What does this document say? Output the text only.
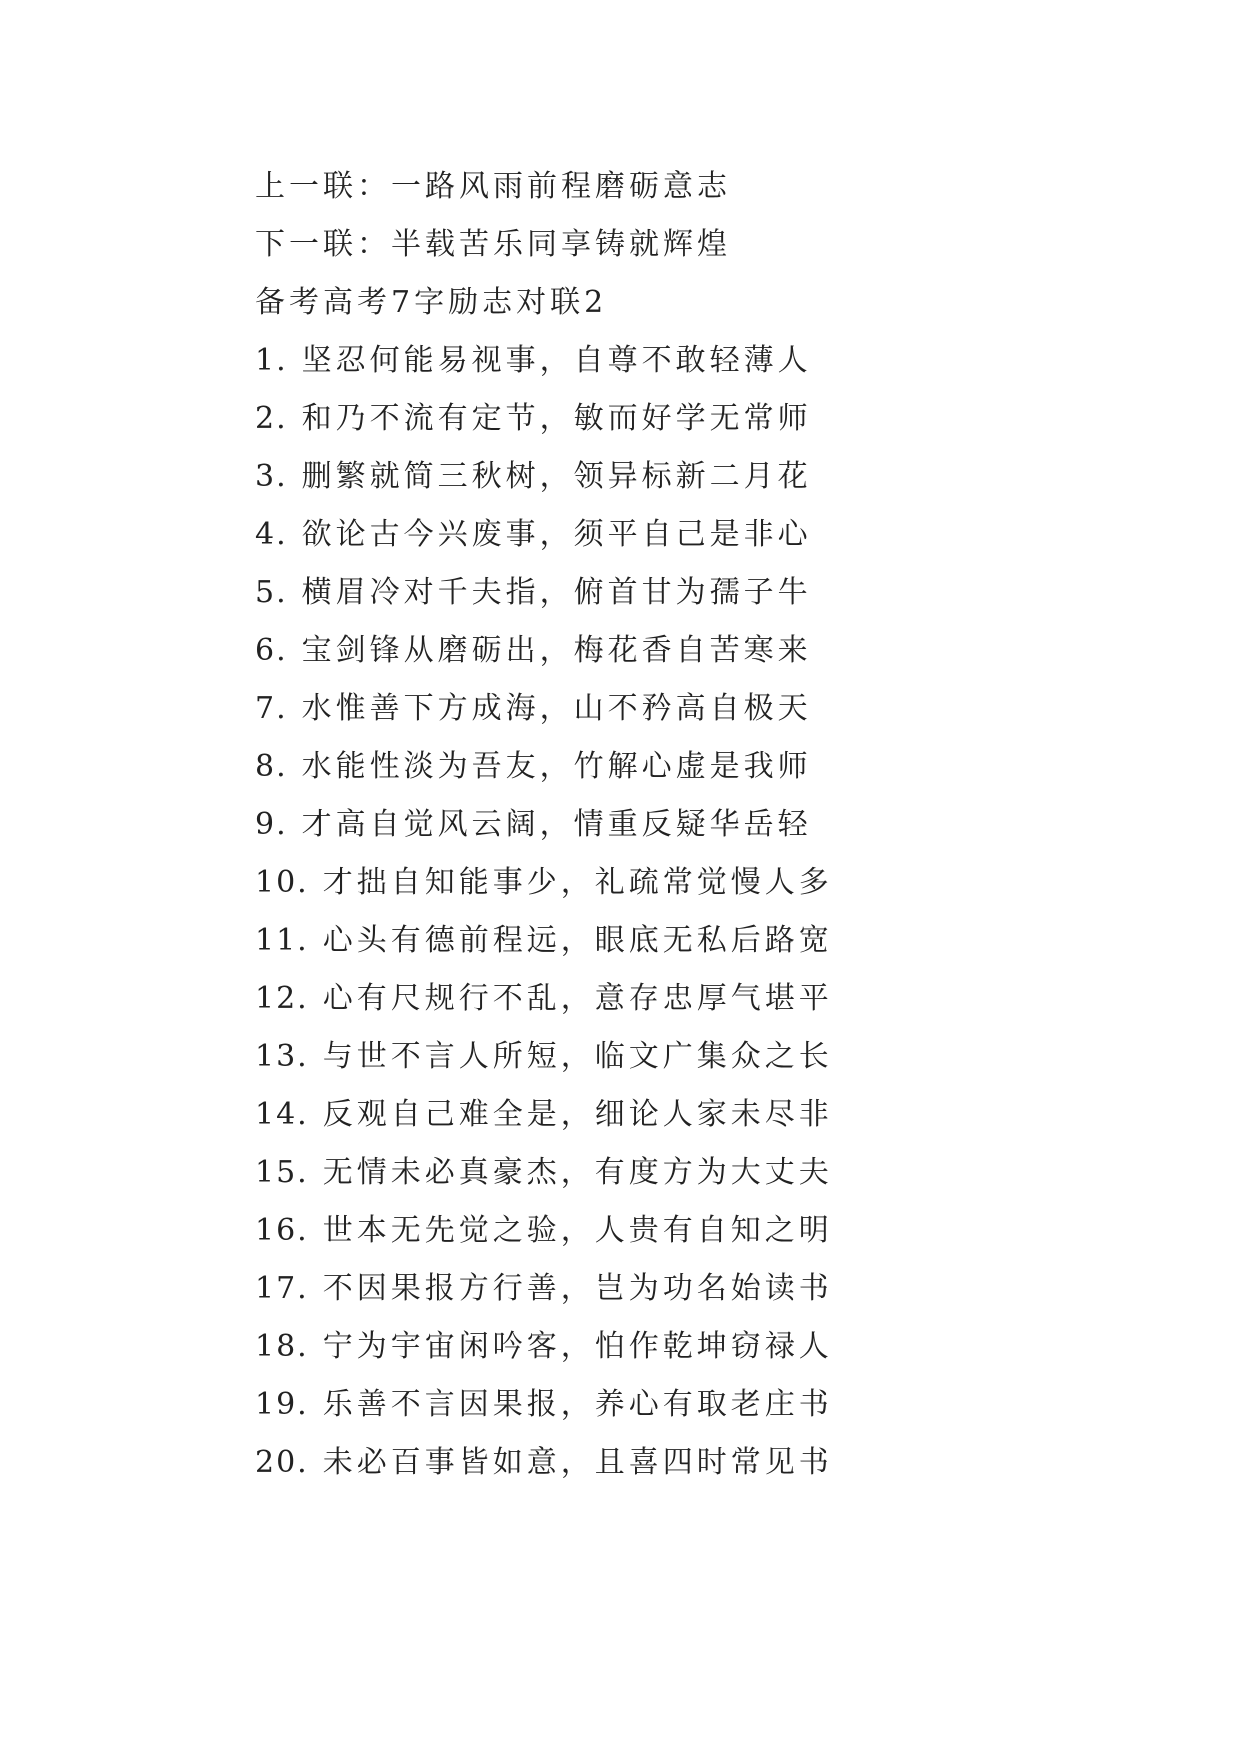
上一联：一路风雨前程磨砺意志
下一联：半载苦乐同享铸就辉煌
备考高考7字励志对联2
1. 坚忍何能易视事，自尊不敢轻薄人
2. 和乃不流有定节，敏而好学无常师
3. 删繁就简三秋树，领异标新二月花
4. 欲论古今兴废事，须平自己是非心
5. 横眉冷对千夫指，俯首甘为孺子牛
6. 宝剑锋从磨砺出，梅花香自苦寒来
7. 水惟善下方成海，山不矜高自极天
8. 水能性淡为吾友，竹解心虚是我师
9. 才高自觉风云阔，情重反疑华岳轻
10. 才拙自知能事少，礼疏常觉慢人多
11. 心头有德前程远，眼底无私后路宽
12. 心有尺规行不乱，意存忠厚气堪平
13. 与世不言人所短，临文广集众之长
14. 反观自己难全是，细论人家未尽非
15. 无情未必真豪杰，有度方为大丈夫
16. 世本无先觉之验，人贵有自知之明
17. 不因果报方行善，岂为功名始读书
18. 宁为宇宙闲吟客，怕作乾坤窃禄人
19. 乐善不言因果报，养心有取老庄书
20. 未必百事皆如意，且喜四时常见书
